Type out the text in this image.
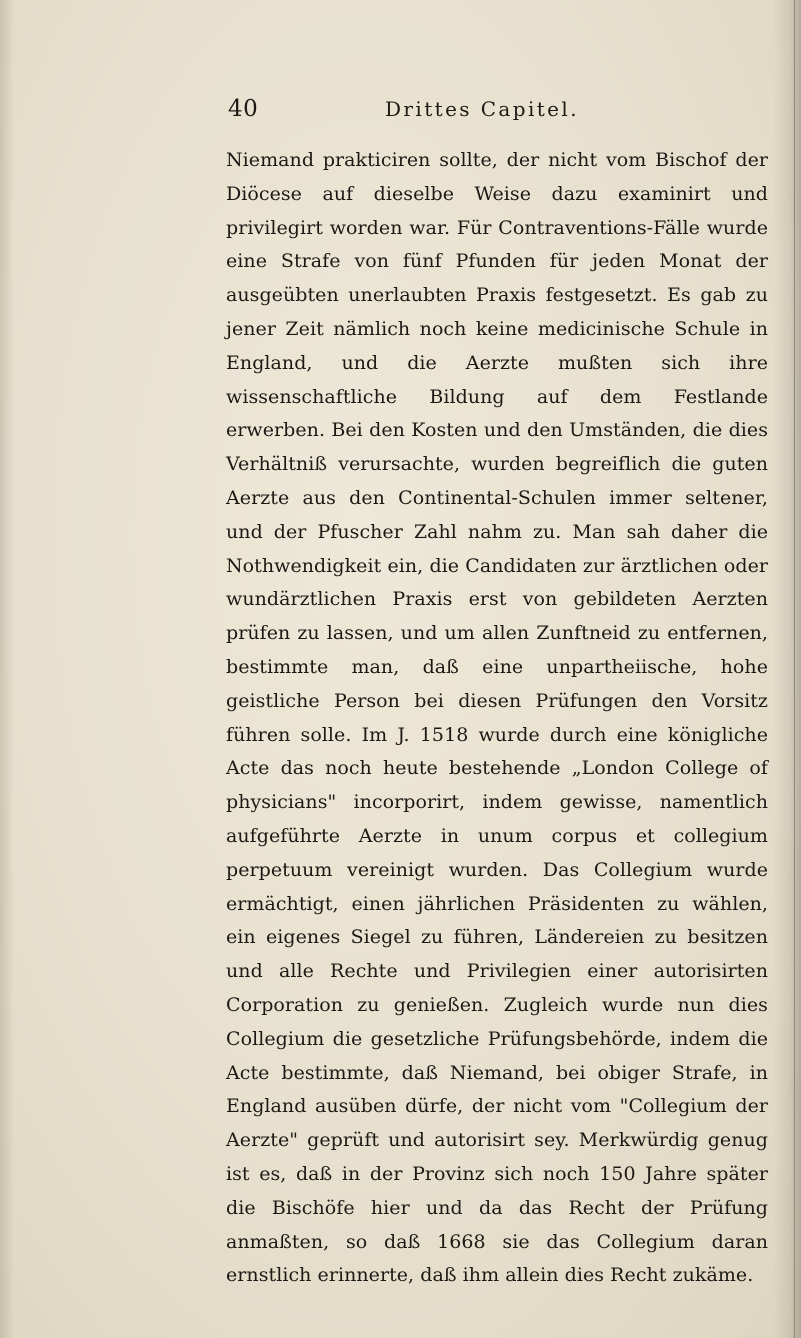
40	Drittes Capitel.

Niemand prakticiren sollte, der nicht vom Bischof der Diöcese auf dieselbe Weise dazu examinirt und privilegirt worden war. Für Contraventions-Fälle wurde eine Strafe von fünf Pfunden für jeden Monat der ausgeübten unerlaubten Praxis festgesetzt. Es gab zu jener Zeit nämlich noch keine medicinische Schule in England, und die Aerzte mußten sich ihre wissenschaftliche Bildung auf dem Festlande erwerben. Bei den Kosten und den Umständen, die dies Verhältniß verursachte, wurden begreiflich die guten Aerzte aus den Continental-Schulen immer seltener, und der Pfuscher Zahl nahm zu. Man sah daher die Nothwendigkeit ein, die Candidaten zur ärztlichen oder wundärztlichen Praxis erst von gebildeten Aerzten prüfen zu lassen, und um allen Zunftneid zu entfernen, bestimmte man, daß eine unpartheiische, hohe geistliche Person bei diesen Prüfungen den Vorsitz führen solle. Im J. 1518 wurde durch eine königliche Acte das noch heute bestehende „London College of physicians" incorporirt, indem gewisse, namentlich aufgeführte Aerzte in unum corpus et collegium perpetuum vereinigt wurden. Das Collegium wurde ermächtigt, einen jährlichen Präsidenten zu wählen, ein eigenes Siegel zu führen, Ländereien zu besitzen und alle Rechte und Privilegien einer autorisirten Corporation zu genießen. Zugleich wurde nun dies Collegium die gesetzliche Prüfungsbehörde, indem die Acte bestimmte, daß Niemand, bei obiger Strafe, in England ausüben dürfe, der nicht vom "Collegium der Aerzte" geprüft und autorisirt sey. Merkwürdig genug ist es, daß in der Provinz sich noch 150 Jahre später die Bischöfe hier und da das Recht der Prüfung anmaßten, so daß 1668 sie das Collegium daran ernstlich erinnerte, daß ihm allein dies Recht zukäme.
